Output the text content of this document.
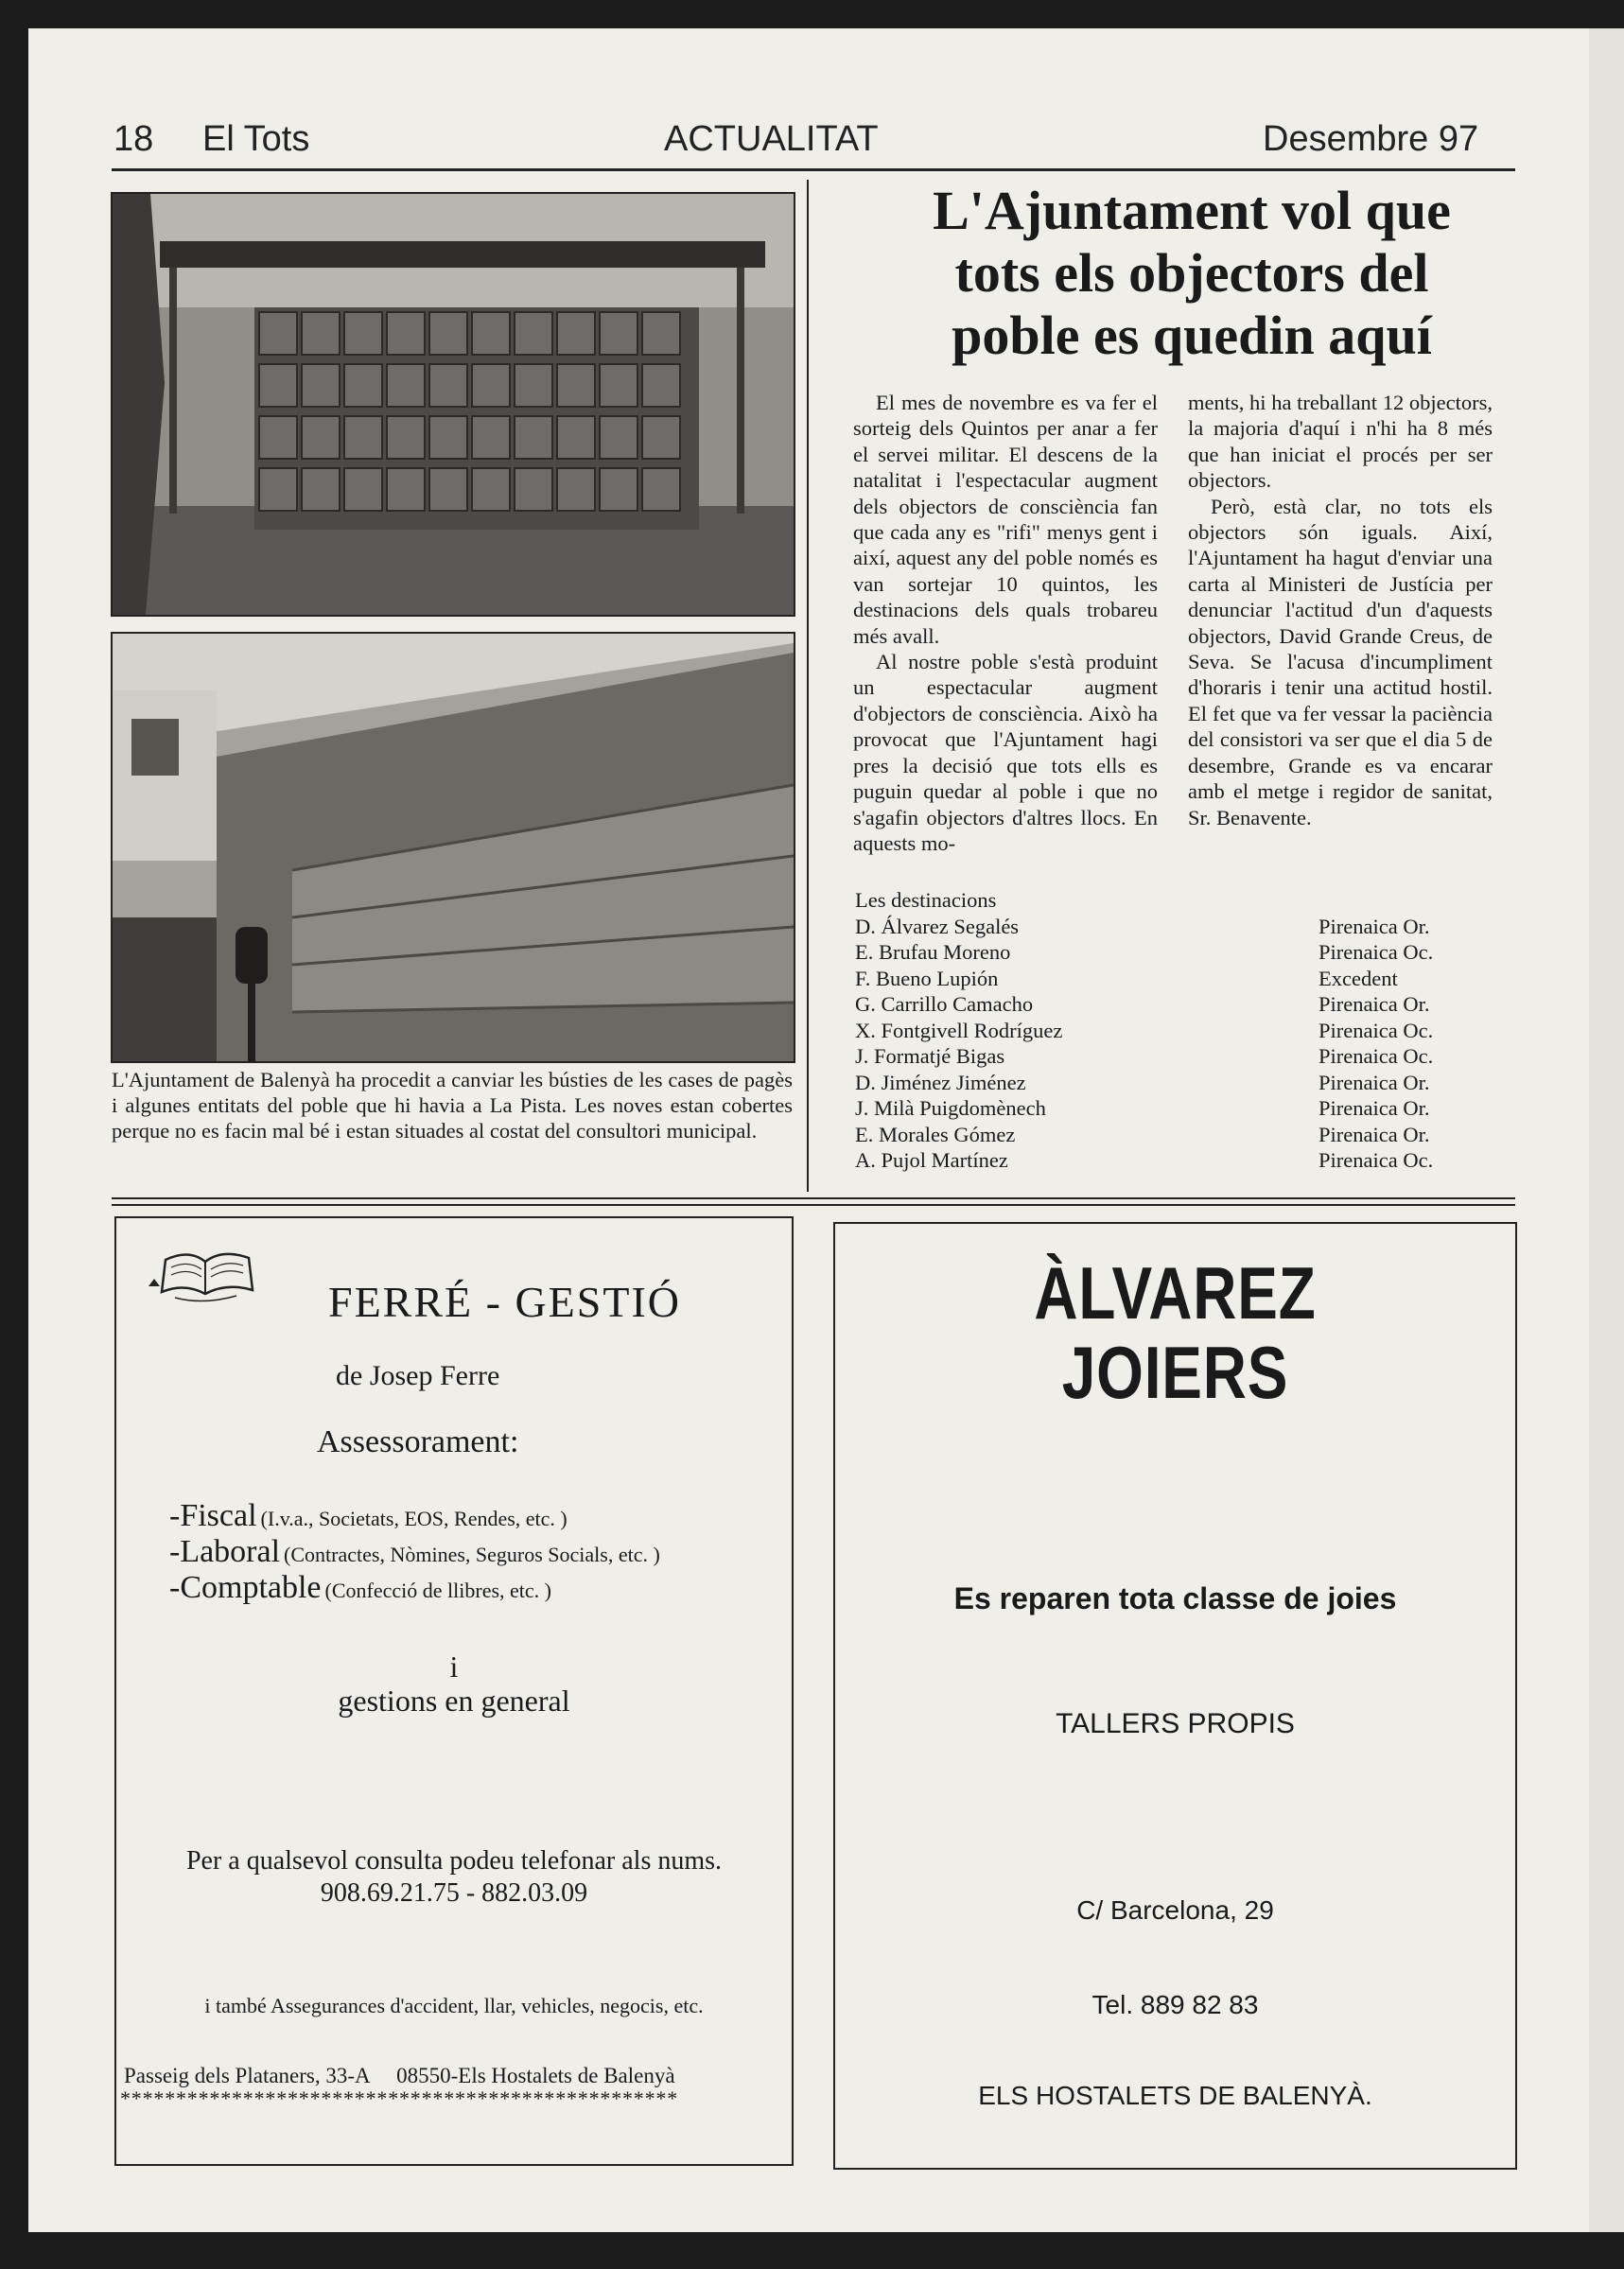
18 El Tots	ACTUALITAT	Desembre 97

L'Ajuntament de Balenyà ha procedit a canviar les bústies de les cases de pagès i algunes entitats del poble que hi havia a La Pista. Les noves estan cobertes perque no es facin mal bé i estan situades al costat del consultori municipal.

L'Ajuntament vol que
tots els objectors del
poble es quedin aquí

El mes de novembre es va fer el sorteig dels Quintos per anar a fer el servei militar. El descens de la natalitat i l'espectacular augment dels objectors de consciència fan que cada any es "rifi" menys gent i així, aquest any del poble només es van sortejar 10 quintos, les destinacions dels quals trobareu més avall.

Al nostre poble s'està produint un espectacular augment d'objectors de consciència. Això ha provocat que l'Ajuntament hagi pres la decisió que tots ells es puguin quedar al poble i que no s'agafin objectors d'altres llocs. En aquests mo-

ments, hi ha treballant 12 objectors, la majoria d'aquí i n'hi ha 8 més que han iniciat el procés per ser objectors.

Però, està clar, no tots els objectors són iguals. Així, l'Ajuntament ha hagut d'enviar una carta al Ministeri de Justícia per denunciar l'actitud d'un d'aquests objectors, David Grande Creus, de Seva. Se l'acusa d'incumpliment d'horaris i tenir una actitud hostil. El fet que va fer vessar la paciència del consistori va ser que el dia 5 de desembre, Grande es va encarar amb el metge i regidor de sanitat, Sr. Benavente.

Les destinacions
D. Álvarez Segalés	Pirenaica Or.
E. Brufau Moreno	Pirenaica Oc.
F. Bueno Lupión	Excedent
G. Carrillo Camacho	Pirenaica Or.
X. Fontgivell Rodríguez	Pirenaica Oc.
J. Formatjé Bigas	Pirenaica Oc.
D. Jiménez Jiménez	Pirenaica Or.
J. Milà Puigdomènech	Pirenaica Or.
E. Morales Gómez	Pirenaica Or.
A. Pujol Martínez	Pirenaica Oc.
FERRÉ - GESTIÓ
de Josep Ferre
Assessorament:
-Fiscal (I.v.a., Societats, EOS, Rendes, etc. )
-Laboral (Contractes, Nòmines, Seguros Socials, etc. )
-Comptable (Confecció de llibres, etc. )
i
gestions en general
Per a qualsevol consulta podeu telefonar als nums.
908.69.21.75 - 882.03.09
i també Assegurances d'accident, llar, vehicles, negocis, etc.
Passeig dels Plataners, 33-A     08550-Els Hostalets de Balenyà
**************************************************
ÀLVAREZ
JOIERS
Es reparen tota classe de joies
TALLERS PROPIS
C/ Barcelona, 29
Tel. 889 82 83
ELS HOSTALETS DE BALENYÀ.
